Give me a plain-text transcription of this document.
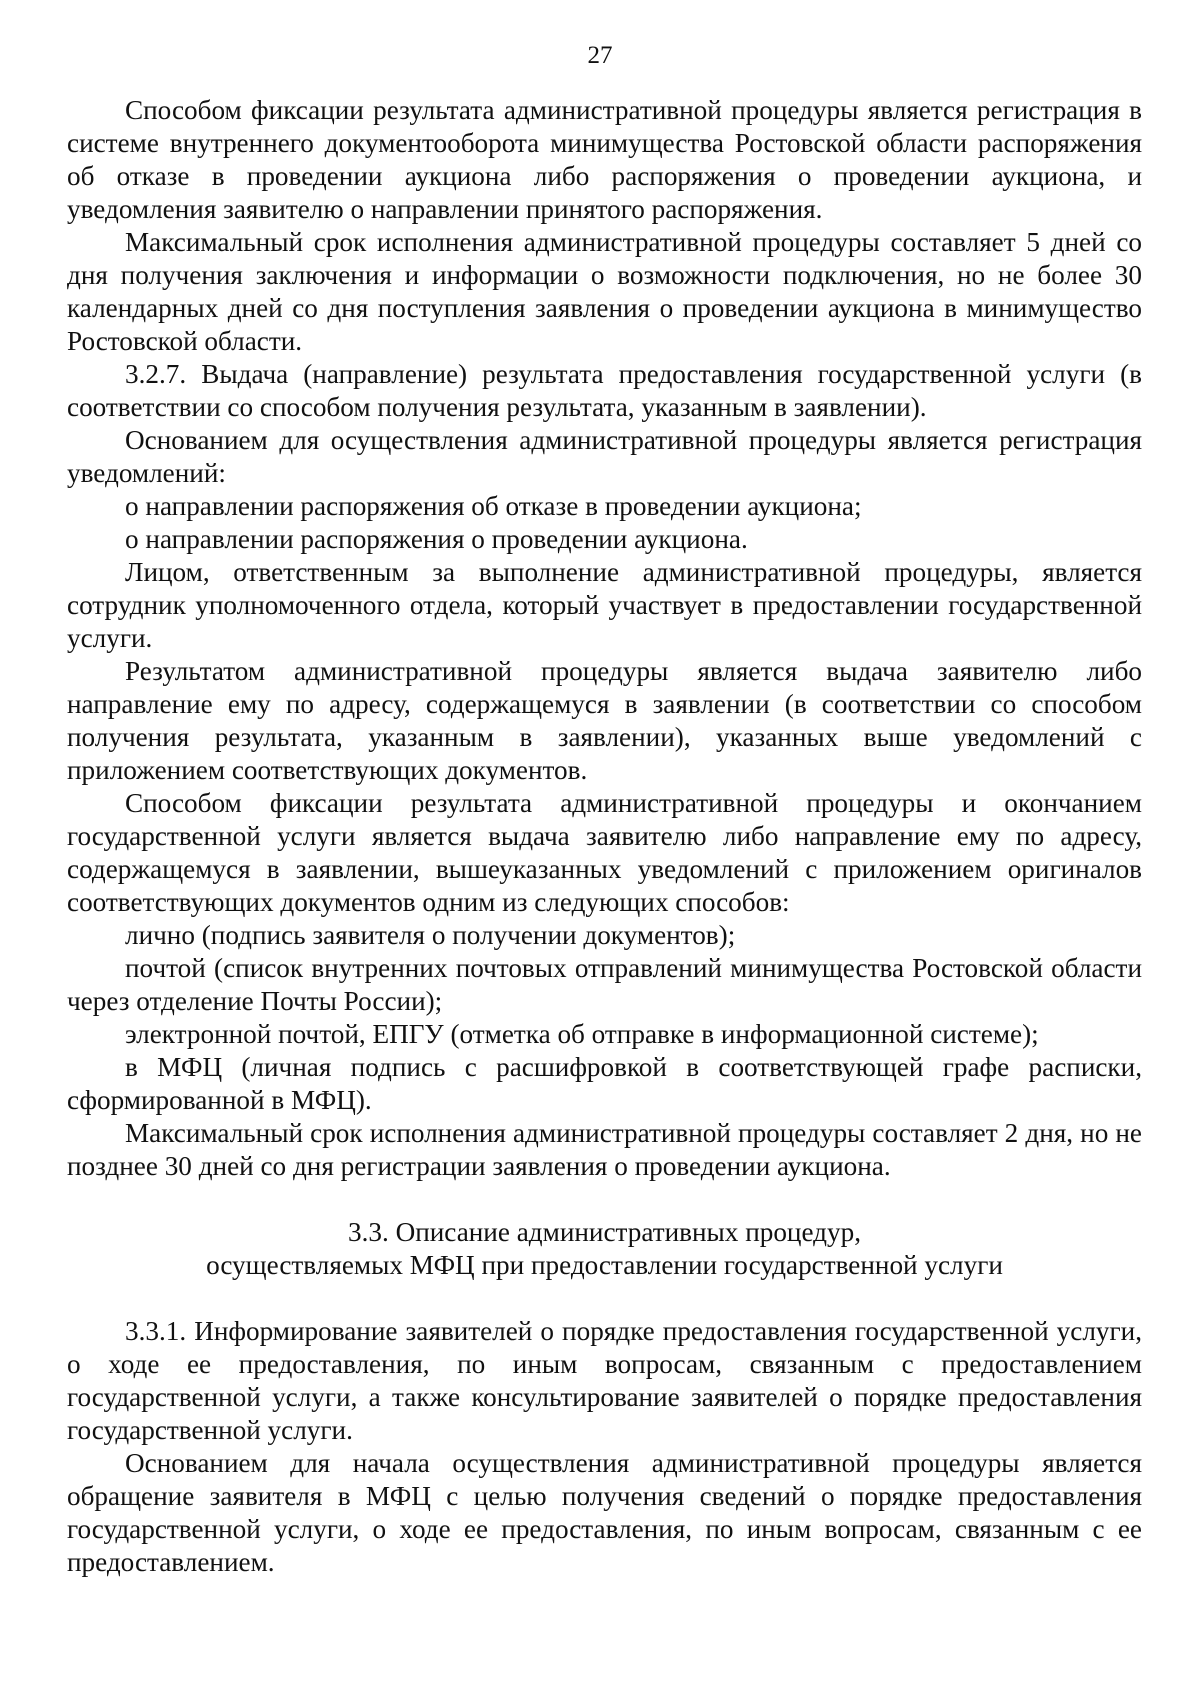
27

Способом фиксации результата административной процедуры является регистрация в системе внутреннего документооборота минимущества Ростовской области распоряжения об отказе в проведении аукциона либо распоряжения о проведении аукциона, и уведомления заявителю о направлении принятого распоряжения.

Максимальный срок исполнения административной процедуры составляет 5 дней со дня получения заключения и информации о возможности подключения, но не более 30 календарных дней со дня поступления заявления о проведении аукциона в минимущество Ростовской области.

3.2.7. Выдача (направление) результата предоставления государственной услуги (в соответствии со способом получения результата, указанным в заявлении).

Основанием для осуществления административной процедуры является регистрация уведомлений:

о направлении распоряжения об отказе в проведении аукциона;

о направлении распоряжения о проведении аукциона.

Лицом, ответственным за выполнение административной процедуры, является сотрудник уполномоченного отдела, который участвует в предоставлении государственной услуги.

Результатом административной процедуры является выдача заявителю либо направление ему по адресу, содержащемуся в заявлении (в соответствии со способом получения результата, указанным в заявлении), указанных выше уведомлений с приложением соответствующих документов.

Способом фиксации результата административной процедуры и окончанием государственной услуги является выдача заявителю либо направление ему по адресу, содержащемуся в заявлении, вышеуказанных уведомлений с приложением оригиналов соответствующих документов одним из следующих способов:

лично (подпись заявителя о получении документов);

почтой (список внутренних почтовых отправлений минимущества Ростовской области через отделение Почты России);

электронной почтой, ЕПГУ (отметка об отправке в информационной системе);

в МФЦ (личная подпись с расшифровкой в соответствующей графе расписки, сформированной в МФЦ).

Максимальный срок исполнения административной процедуры составляет 2 дня, но не позднее 30 дней со дня регистрации заявления о проведении аукциона.

3.3. Описание административных процедур,
осуществляемых МФЦ при предоставлении государственной услуги

3.3.1. Информирование заявителей о порядке предоставления государственной услуги, о ходе ее предоставления, по иным вопросам, связанным с предоставлением государственной услуги, а также консультирование заявителей о порядке предоставления государственной услуги.

Основанием для начала осуществления административной процедуры является обращение заявителя в МФЦ с целью получения сведений о порядке предоставления государственной услуги, о ходе ее предоставления, по иным вопросам, связанным с ее предоставлением.
